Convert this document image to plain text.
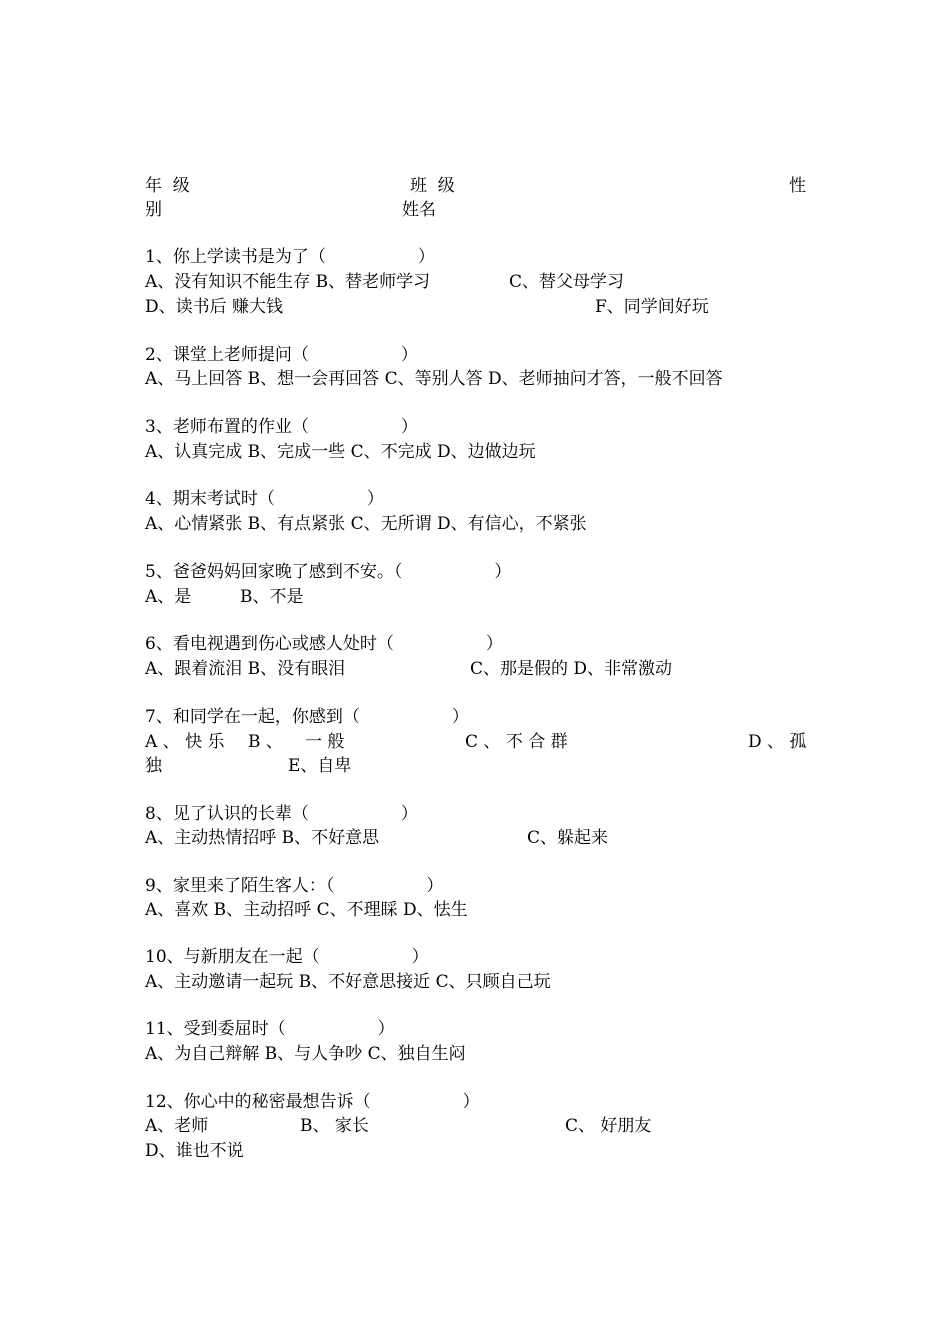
年  级	班  级	性
别	姓名
1、你上学读书是为了（	）
A、没有知识不能生存 B、替老师学习	C、替父母学习
D、读书后 赚大钱	F、同学间好玩
2、课堂上老师提问（	）
A、马上回答 B、想一会再回答 C、等别人答 D、老师抽问才答，一般不回答
3、老师布置的作业（	）
A、认真完成 B、完成一些 C、不完成 D、边做边玩
4、期末考试时（	）
A、心情紧张 B、有点紧张 C、无所谓 D、有信心，不紧张
5、爸爸妈妈回家晚了感到不安。（	）
A、是	B、不是
6、看电视遇到伤心或感人处时（	）
A、跟着流泪 B、没有眼泪	C、那是假的 D、非常激动
7、和同学在一起，你感到（	）
A 、 快 乐 B 、 一 般	C 、 不 合 群	D 、 孤
独	E、自卑
8、见了认识的长辈（	）
A、主动热情招呼 B、不好意思	C、躲起来
9、家里来了陌生客人：（	）
A、喜欢 B、主动招呼 C、不理睬 D、怯生
10、与新朋友在一起（	）
A、主动邀请一起玩 B、不好意思接近 C、只顾自己玩
11、受到委屈时（	）
A、为自己辩解 B、与人争吵 C、独自生闷
12、你心中的秘密最想告诉（	）
A、老师	B、 家长	C、 好朋友
D、谁也不说
